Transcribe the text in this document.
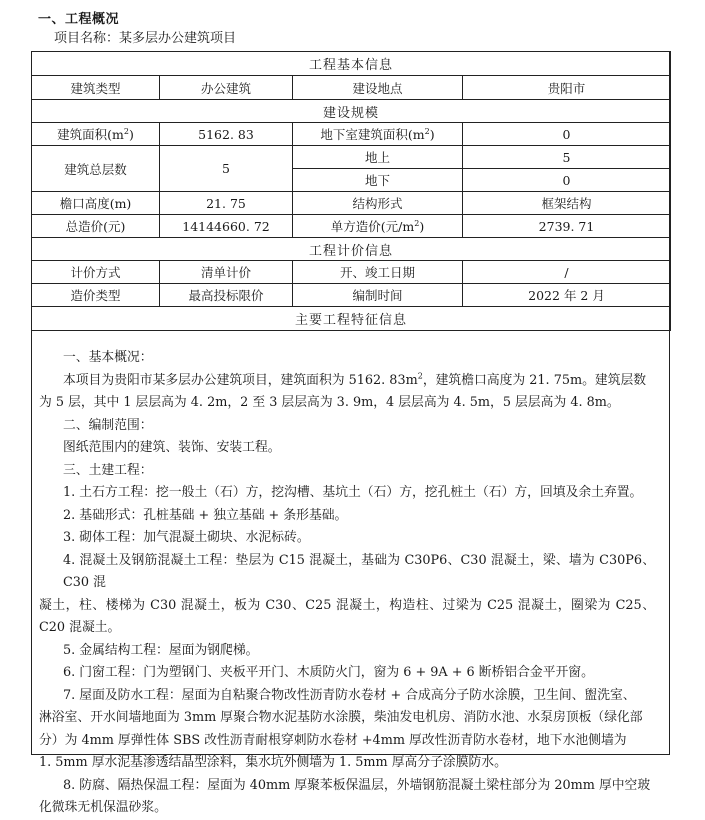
一、工程概况
项目名称：某多层办公建筑项目
工程基本信息			
建筑类型	办公建筑	建设地点	贵阳市
建设规模			
建筑面积$(m^2)$	5162. 83	地下室建筑面积$(m^2)$	0
建筑总层数	5	地上	5
		地下	0
檐口高度(m)	21. 75	结构形式	框架结构
总造价(元)	14144660. 72	单方造价(元$/m^2$)	2739. 71
工程计价信息			
计价方式	清单计价	开、竣工日期	/
造价类型	最高投标限价	编制时间	2022 年 2 月
主要工程特征信息			

一、基本概况：

本项目为贵阳市某多层办公建筑项目，建筑面积为 5162. $83m^2$，建筑檐口高度为 21. 75m。建筑层数

为 5 层，其中 1 层层高为 4. 2m，2 至 3 层层高为 3. 9m，4 层层高为 4. 5m，5 层层高为 4. 8m。

二、编制范围：

图纸范围内的建筑、装饰、安装工程。

三、土建工程：

1. 土石方工程：挖一般土（石）方，挖沟槽、基坑土（石）方，挖孔桩土（石）方，回填及余土弃置。

2. 基础形式：孔桩基础 + 独立基础 + 条形基础。

3. 砌体工程：加气混凝土砌块、水泥标砖。

4. 混凝土及钢筋混凝土工程：垫层为 C15 混凝土，基础为 C30P6、C30 混凝土，梁、墙为 C30P6、C30 混

凝土，柱、楼梯为 C30 混凝土，板为 C30、C25 混凝土，构造柱、过梁为 C25 混凝土，圈梁为 C25、C20 混凝土。

5. 金属结构工程：屋面为钢爬梯。

6. 门窗工程：门为塑钢门、夹板平开门、木质防火门，窗为 6 + 9A + 6 断桥铝合金平开窗。

7. 屋面及防水工程：屋面为自粘聚合物改性沥青防水卷材 + 合成高分子防水涂膜，卫生间、盥洗室、

淋浴室、开水间墙地面为 3mm 厚聚合物水泥基防水涂膜，柴油发电机房、消防水池、水泵房顶板（绿化部

分）为 4mm 厚弹性体 SBS 改性沥青耐根穿刺防水卷材 +4mm 厚改性沥青防水卷材，地下水池侧墙为

1. 5mm 厚水泥基渗透结晶型涂料，集水坑外侧墙为 1. 5mm 厚高分子涂膜防水。

8. 防腐、隔热保温工程：屋面为 40mm 厚聚苯板保温层，外墙钢筋混凝土梁柱部分为 20mm 厚中空玻

化微珠无机保温砂浆。
